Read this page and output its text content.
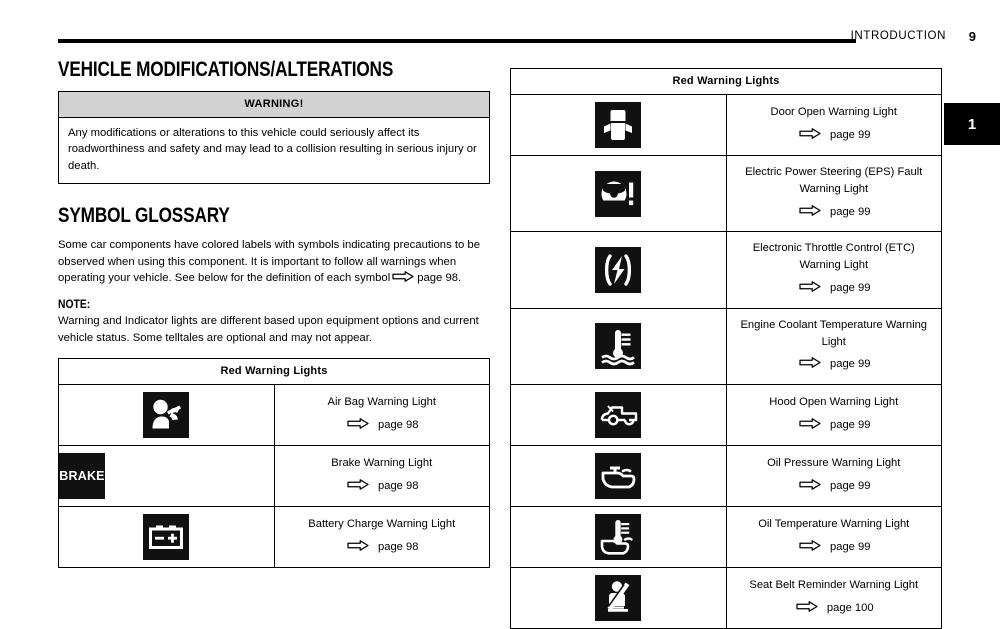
INTRODUCTION 9
1
VEHICLE MODIFICATIONS/ALTERATIONS
WARNING!
Any modifications or alterations to this vehicle could seriously affect its roadworthiness and safety and may lead to a collision resulting in serious injury or death.
SYMBOL GLOSSARY

Some car components have colored labels with symbols indicating precautions to be observed when using this component. It is important to follow all warnings when operating your vehicle. See below for the definition of each symbol page 98.

NOTE:

Warning and Indicator lights are different based upon equipment options and current vehicle status. Some telltales are optional and may not appear.

Red Warning Lights	

Air Bag Warning Light
page 98

BRAKE	Brake Warning Light
page 98

Battery Charge Warning Light
page 98
Red Warning Lights	

Door Open Warning Light
page 99

Electric Power Steering (EPS) Fault Warning Light
page 99

Electronic Throttle Control (ETC) Warning Light
page 99

Engine Coolant Temperature Warning Light
page 99

Hood Open Warning Light
page 99

Oil Pressure Warning Light
page 99

Oil Temperature Warning Light
page 99

Seat Belt Reminder Warning Light
page 100
